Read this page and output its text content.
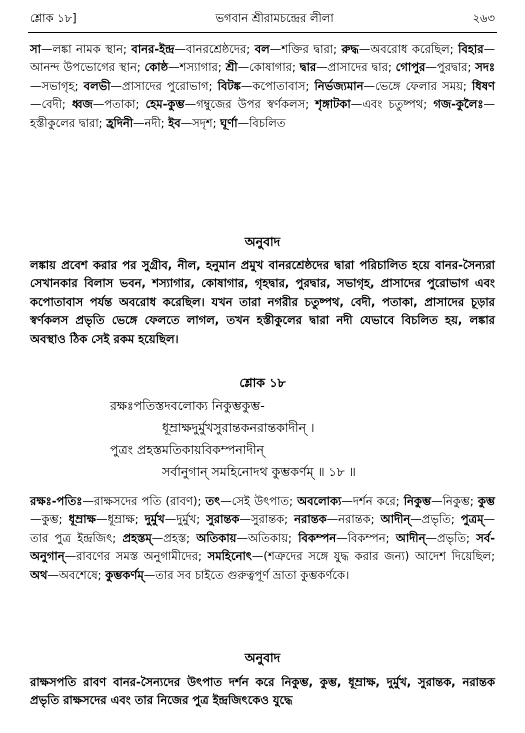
শ্লোক ১৮]	ভগবান শ্রীরামচন্দ্রের লীলা	২৬৩
সা—লঙ্কা নামক স্থান; বানর-ইন্দ্র—বানরশ্রেষ্ঠদের; বল—শক্তির দ্বারা; রুদ্ধ—অবরোধ করেছিল; বিহার—আনন্দ উপভোগের স্থান; কোষ্ঠ—শস্যাগার; শ্রী—কোষাগার; দ্বার—প্রাসাদের দ্বার; গোপুর—পুরদ্বার; সদঃ—সভাগৃহ; বলভী—প্রাসাদের পুরোভাগ; বিটঙ্ক—কপোতাবাস; নির্ভজ্যমান—ভেঙ্গে ফেলার সময়; ধিষণ—বেদী; ধ্বজ—পতাকা; হেম-কুম্ভ—গম্বুজের উপর স্বর্ণকলস; শৃঙ্গাটকা—এবং চতুষ্পথ; গজ-কুলৈঃ—হস্তীকুলের দ্বারা; হ্রদিনী—নদী; ইব—সদৃশ; ঘূর্ণা—বিচলিত
অনুবাদ
লঙ্কায় প্রবেশ করার পর সুগ্রীব, নীল, হনুমান প্রমুখ বানরশ্রেষ্ঠদের দ্বারা পরিচালিত হয়ে বানর-সৈন্যরা সেখানকার বিলাস ভবন, শস্যাগার, কোষাগার, গৃহদ্বার, পুরদ্বার, সভাগৃহ, প্রাসাদের পুরোভাগ এবং কপোতাবাস পর্যন্ত অবরোধ করেছিল। যখন তারা নগরীর চতুষ্পথ, বেদী, পতাকা, প্রাসাদের চূড়ার স্বর্ণকলস প্রভৃতি ভেঙ্গে ফেলতে লাগল, তখন হস্তীকুলের দ্বারা নদী যেভাবে বিচলিত হয়, লঙ্কার অবস্থাও ঠিক সেই রকম হয়েছিল।
শ্লোক ১৮
রক্ষঃপতিস্তদবলোক্য নিকুম্ভকুম্ভ-
ধূম্রাক্ষদুর্মুখসুরান্তকনরান্তকাদীন্ ।
পুত্রং প্রহস্তমতিকায়বিকম্পনাদীন্
সর্বানুগান্ সমহিনোদথ কুম্ভকর্ণম্ ॥ ১৮ ॥
রক্ষঃ-পতিঃ—রাক্ষসদের পতি (রাবণ); তৎ—সেই উৎপাত; অবলোক্য—দর্শন করে; নিকুম্ভ—নিকুম্ভ; কুম্ভ—কুম্ভ; ধূম্রাক্ষ—ধূম্রাক্ষ; দুর্মুখ—দুর্মুখ; সুরান্তক—সুরান্তক; নরান্তক—নরান্তক; আদীন্—প্রভৃতি; পুত্রম্—তার পুত্র ইন্দ্রজিৎ; প্রহস্তম্—প্রহস্ত; অতিকায়—অতিকায়; বিকম্পন—বিকম্পন; আদীন্—প্রভৃতি; সর্ব-অনুগান্—রাবণের সমস্ত অনুগামীদের; সমহিনোৎ—(শত্রুদের সঙ্গে যুদ্ধ করার জন্য) আদেশ দিয়েছিল; অথ—অবশেষে; কুম্ভকর্ণম্—তার সব চাইতে গুরুত্বপূর্ণ ভ্রাতা কুম্ভকর্ণকে।
অনুবাদ
রাক্ষসপতি রাবণ বানর-সৈন্যদের উৎপাত দর্শন করে নিকুম্ভ, কুম্ভ, ধূম্রাক্ষ, দুর্মুখ, সুরান্তক, নরান্তক প্রভৃতি রাক্ষসদের এবং তার নিজের পুত্র ইন্দ্রজিৎকেও যুদ্ধে
